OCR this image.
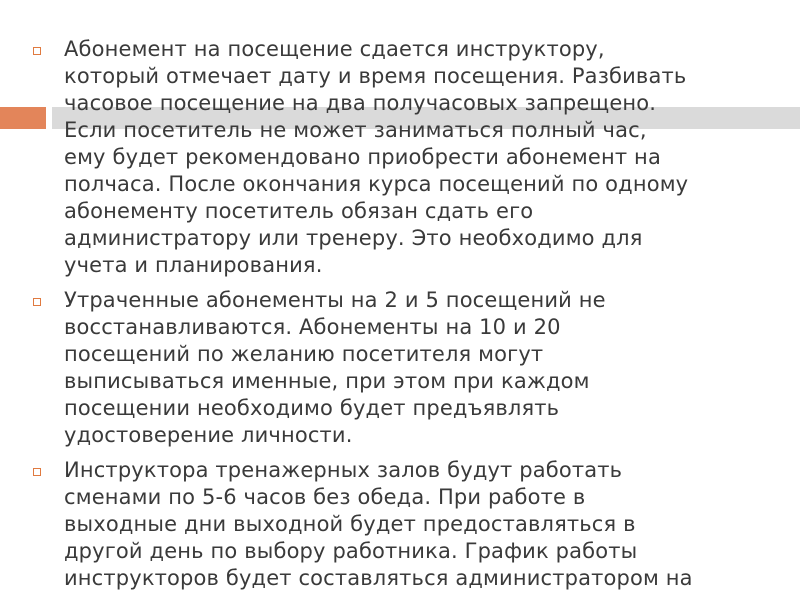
Абонемент на посещение сдается инструктору,
который отмечает дату и время посещения. Разбивать
часовое посещение на два получасовых запрещено.
Если посетитель не может заниматься полный час,
ему будет рекомендовано приобрести абонемент на
полчаса. После окончания курса посещений по одному
абонементу посетитель обязан сдать его
администратору или тренеру. Это необходимо для
учета и планирования.
Утраченные абонементы на 2 и 5 посещений не
восстанавливаются. Абонементы на 10 и 20
посещений по желанию посетителя могут
выписываться именные, при этом при каждом
посещении необходимо будет предъявлять
удостоверение личности.
Инструктора тренажерных залов будут работать
сменами по 5-6 часов без обеда. При работе в
выходные дни выходной будет предоставляться в
другой день по выбору работника. График работы
инструкторов будет составляться администратором на
